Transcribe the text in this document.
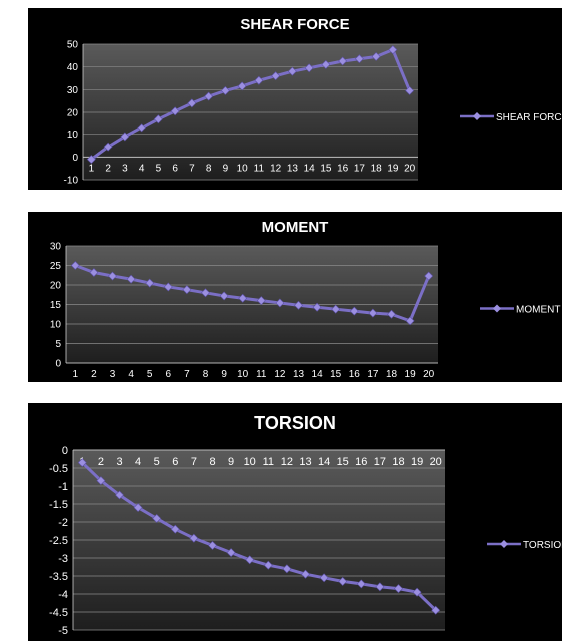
SHEAR FORCE
50
40
30
20
10
0
-10
1 2 3 4 5 6 7 8 9 10 11 12 13 14 15 16 17 18 19 20
SHEAR FORCE
MOMENT
30
25
20
15
10
5
0
1 2 3 4 5 6 7 8 9 10 11 12 13 14 15 16 17 18 19 20
MOMENT
TORSION
0
-0.5
-1
-1.5
-2
-2.5
-3
-3.5
-4
-4.5
-5
2 3 4 5 6 7 8 9 10 11 12 13 14 15 16 17 18 19 20
TORSION
